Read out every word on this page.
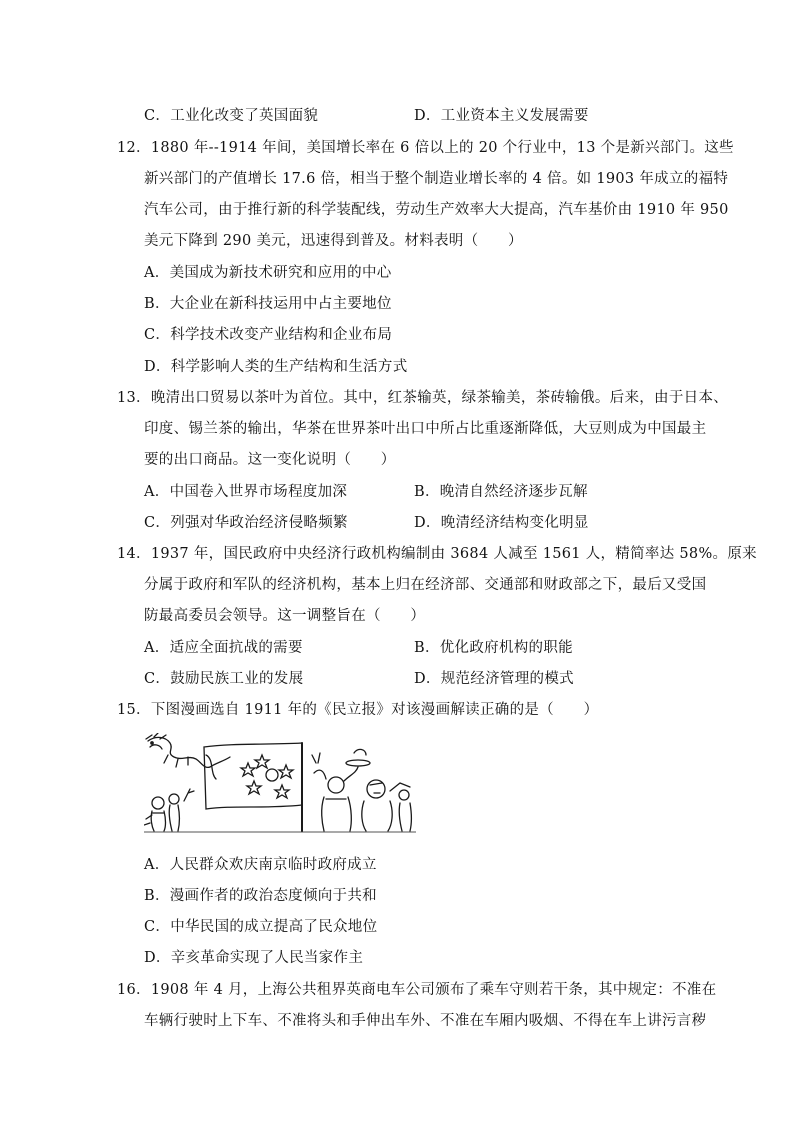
C．工业化改变了英国面貌	D．工业资本主义发展需要
12．1880 年--1914 年间，美国增长率在 6 倍以上的 20 个行业中，13 个是新兴部门。这些
新兴部门的产值增长 17.6 倍，相当于整个制造业增长率的 4 倍。如 1903 年成立的福特
汽车公司，由于推行新的科学装配线，劳动生产效率大大提高，汽车基价由 1910 年 950
美元下降到 290 美元，迅速得到普及。材料表明（　　）
A．美国成为新技术研究和应用的中心
B．大企业在新科技运用中占主要地位
C．科学技术改变产业结构和企业布局
D．科学影响人类的生产结构和生活方式
13．晚清出口贸易以茶叶为首位。其中，红茶输英，绿茶输美，茶砖输俄。后来，由于日本、
印度、锡兰茶的输出，华茶在世界茶叶出口中所占比重逐渐降低，大豆则成为中国最主
要的出口商品。这一变化说明（　　）
A．中国卷入世界市场程度加深	B．晚清自然经济逐步瓦解
C．列强对华政治经济侵略频繁	D．晚清经济结构变化明显
14．1937 年，国民政府中央经济行政机构编制由 3684 人减至 1561 人，精简率达 58%。原来
分属于政府和军队的经济机构，基本上归在经济部、交通部和财政部之下，最后又受国
防最高委员会领导。这一调整旨在（　　）
A．适应全面抗战的需要	B．优化政府机构的职能
C．鼓励民族工业的发展	D．规范经济管理的模式
15．下图漫画选自 1911 年的《民立报》对该漫画解读正确的是（　　）
A．人民群众欢庆南京临时政府成立
B．漫画作者的政治态度倾向于共和
C．中华民国的成立提高了民众地位
D．辛亥革命实现了人民当家作主
16．1908 年 4 月，上海公共租界英商电车公司颁布了乘车守则若干条，其中规定：不准在
车辆行驶时上下车、不准将头和手伸出车外、不准在车厢内吸烟、不得在车上讲污言秽
